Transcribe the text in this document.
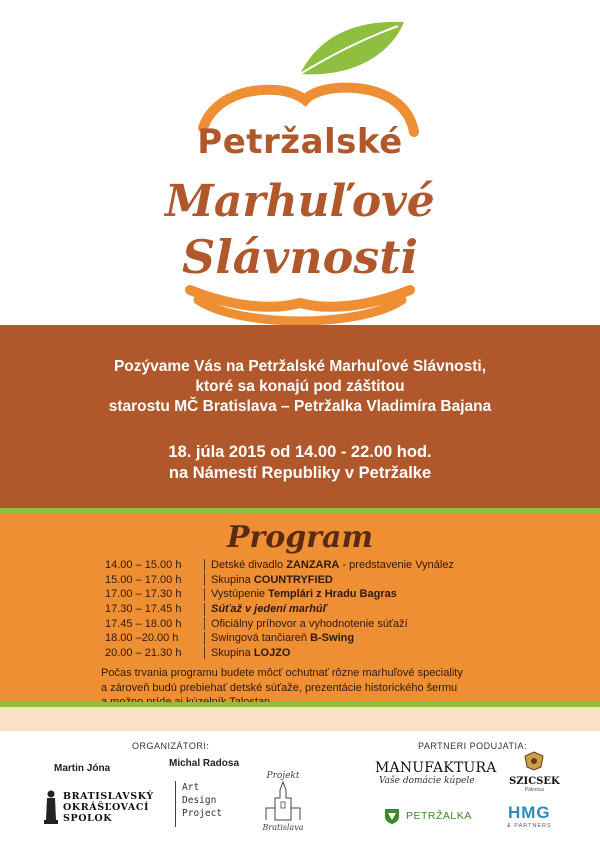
Petržalské
Marhuľové
Slávnosti
Pozývame Vás na Petržalské Marhuľové Slávnosti,
ktoré sa konajú pod záštitou
starostu MČ Bratislava – Petržalka Vladimíra Bajana
18. júla 2015 od 14.00 - 22.00 hod.
na Námestí Republiky v Petržalke
Program
14.00 – 15.00 h	Detské divadlo ZANZARA - predstavenie Vynález
15.00 – 17.00 h	Skupina COUNTRYFIED
17.00 – 17.30 h	Vystúpenie Templári z Hradu Bagras
17.30 – 17.45 h	Súťaž v jedení marhúľ
17.45 – 18.00 h	Oficiálny príhovor a vyhodnotenie súťaží
18.00 –20.00 h	Swingová tančiareň B-Swing
20.00 – 21.30 h	Skupina LOJZO
Počas trvania programu budete môcť ochutnať rôzne marhuľové speciality
a zároveň budú prebiehať detské súťaže, prezentácie historického šermu
ORGANIZÁTORI:	PARTNERI PODUJATIA:
Martin Jóna	Michal Radosa
BRATISLAVSKÝ
OKRÁŠĽOVACÍ
SPOLOK
Art
Design
Project
Projekt
Bratislava
MANUFAKTURA
Vaše domácie kúpele	SZICSEK
Pálenica
PETRŽALKA HMG
& PARTNERS
